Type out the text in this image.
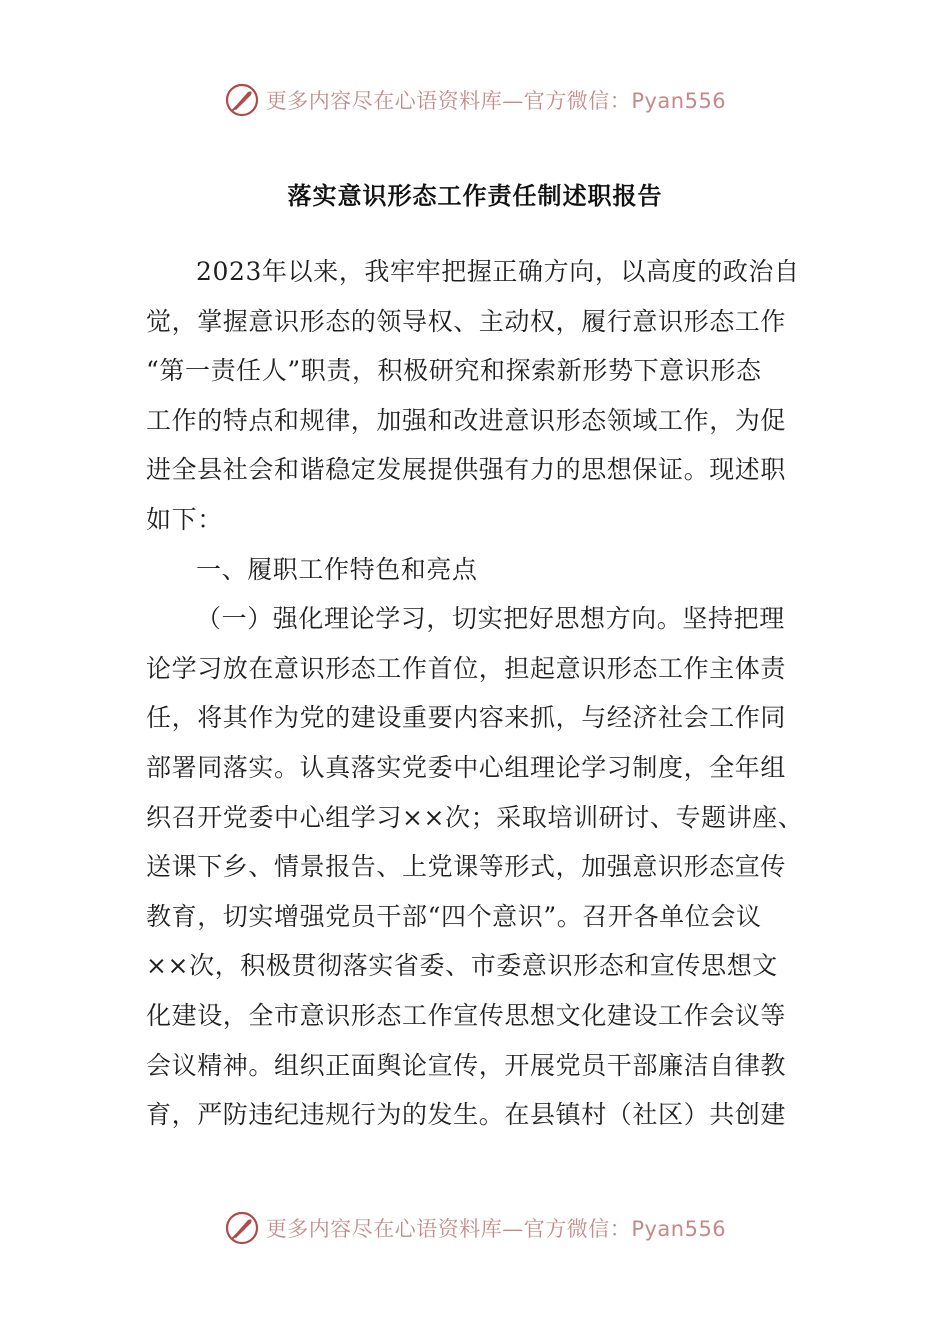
更多内容尽在心语资料库—官方微信：Pyan556
落实意识形态工作责任制述职报告
2023年以来，我牢牢把握正确方向，以高度的政治自
觉，掌握意识形态的领导权、主动权，履行意识形态工作
“第一责任人”职责，积极研究和探索新形势下意识形态
工作的特点和规律，加强和改进意识形态领域工作，为促
进全县社会和谐稳定发展提供强有力的思想保证。现述职
如下：
一、履职工作特色和亮点
（一）强化理论学习，切实把好思想方向。坚持把理
论学习放在意识形态工作首位，担起意识形态工作主体责
任，将其作为党的建设重要内容来抓，与经济社会工作同
部署同落实。认真落实党委中心组理论学习制度，全年组
织召开党委中心组学习××次；采取培训研讨、专题讲座、
送课下乡、情景报告、上党课等形式，加强意识形态宣传
教育，切实增强党员干部“四个意识”。召开各单位会议
××次，积极贯彻落实省委、市委意识形态和宣传思想文
化建设，全市意识形态工作宣传思想文化建设工作会议等
会议精神。组织正面舆论宣传，开展党员干部廉洁自律教
育，严防违纪违规行为的发生。在县镇村（社区）共创建
更多内容尽在心语资料库—官方微信：Pyan556
